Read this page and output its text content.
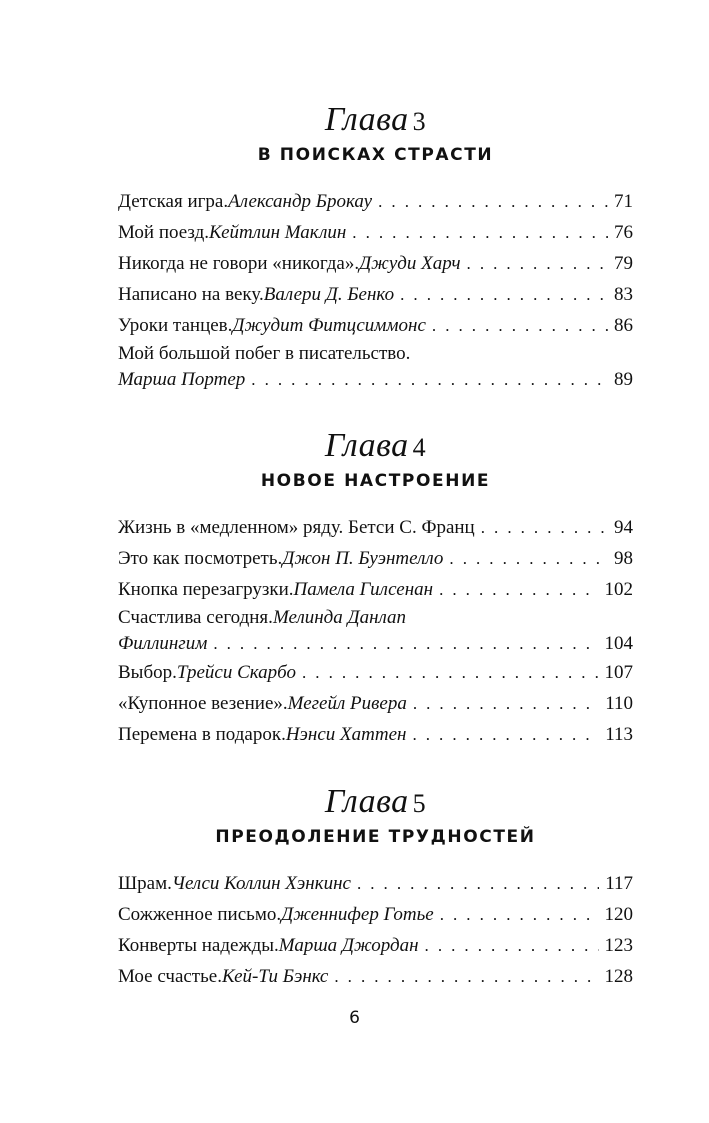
Глава 3
В ПОИСКАХ СТРАСТИ
Детская игра. Александр Брокау . . .	71
Мой поезд. Кейтлин Маклин . . .	76
Никогда не говори «никогда». Джуди Харч . . .	79
Написано на веку. Валери Д. Бенко . . .	83
Уроки танцев. Джудит Фитцсиммонс . . .	86
Мой большой побег в писательство.
Марша Портер . . .	89
Глава 4
НОВОЕ НАСТРОЕНИЕ
Жизнь в «медленном» ряду. Бетси С. Франц . . .	94
Это как посмотреть. Джон П. Буэнтелло . . .	98
Кнопка перезагрузки. Памела Гилсенан . . .	102
Счастлива сегодня. Мелинда Данлап
Филлингим . . .	104
Выбор. Трейси Скарбо . . .	107
«Купонное везение». Мегейл Ривера . . .	110
Перемена в подарок. Нэнси Хаттен . . .	113
Глава 5
ПРЕОДОЛЕНИЕ ТРУДНОСТЕЙ
Шрам. Челси Коллин Хэнкинс . . .	117
Сожженное письмо. Дженнифер Готье . . .	120
Конверты надежды. Марша Джордан . . .	123
Мое счастье. Кей-Ти Бэнкс . . .	128
6
